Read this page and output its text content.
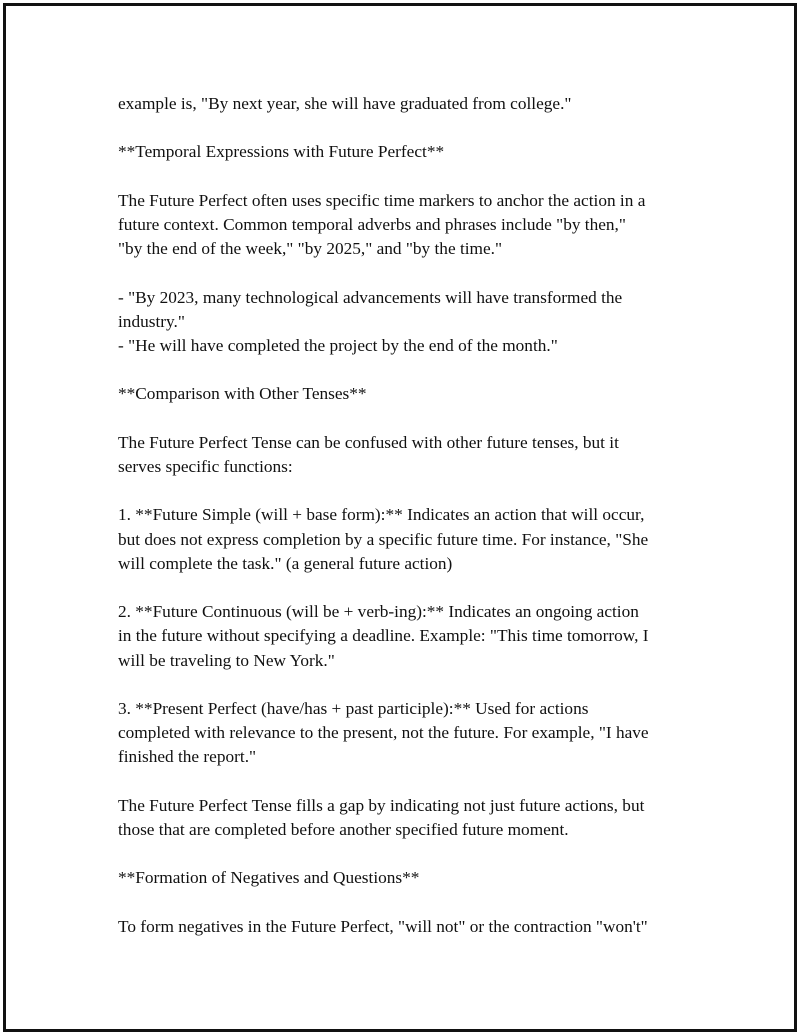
example is, "By next year, she will have graduated from college."

**Temporal Expressions with Future Perfect**

The Future Perfect often uses specific time markers to anchor the action in a
future context. Common temporal adverbs and phrases include "by then,"
"by the end of the week," "by 2025," and "by the time."

- "By 2023, many technological advancements will have transformed the
industry."
- "He will have completed the project by the end of the month."

**Comparison with Other Tenses**

The Future Perfect Tense can be confused with other future tenses, but it
serves specific functions:

1. **Future Simple (will + base form):** Indicates an action that will occur,
but does not express completion by a specific future time. For instance, "She
will complete the task." (a general future action)

2. **Future Continuous (will be + verb-ing):** Indicates an ongoing action
in the future without specifying a deadline. Example: "This time tomorrow, I
will be traveling to New York."

3. **Present Perfect (have/has + past participle):** Used for actions
completed with relevance to the present, not the future. For example, "I have
finished the report."

The Future Perfect Tense fills a gap by indicating not just future actions, but
those that are completed before another specified future moment.

**Formation of Negatives and Questions**

To form negatives in the Future Perfect, "will not" or the contraction "won't"
